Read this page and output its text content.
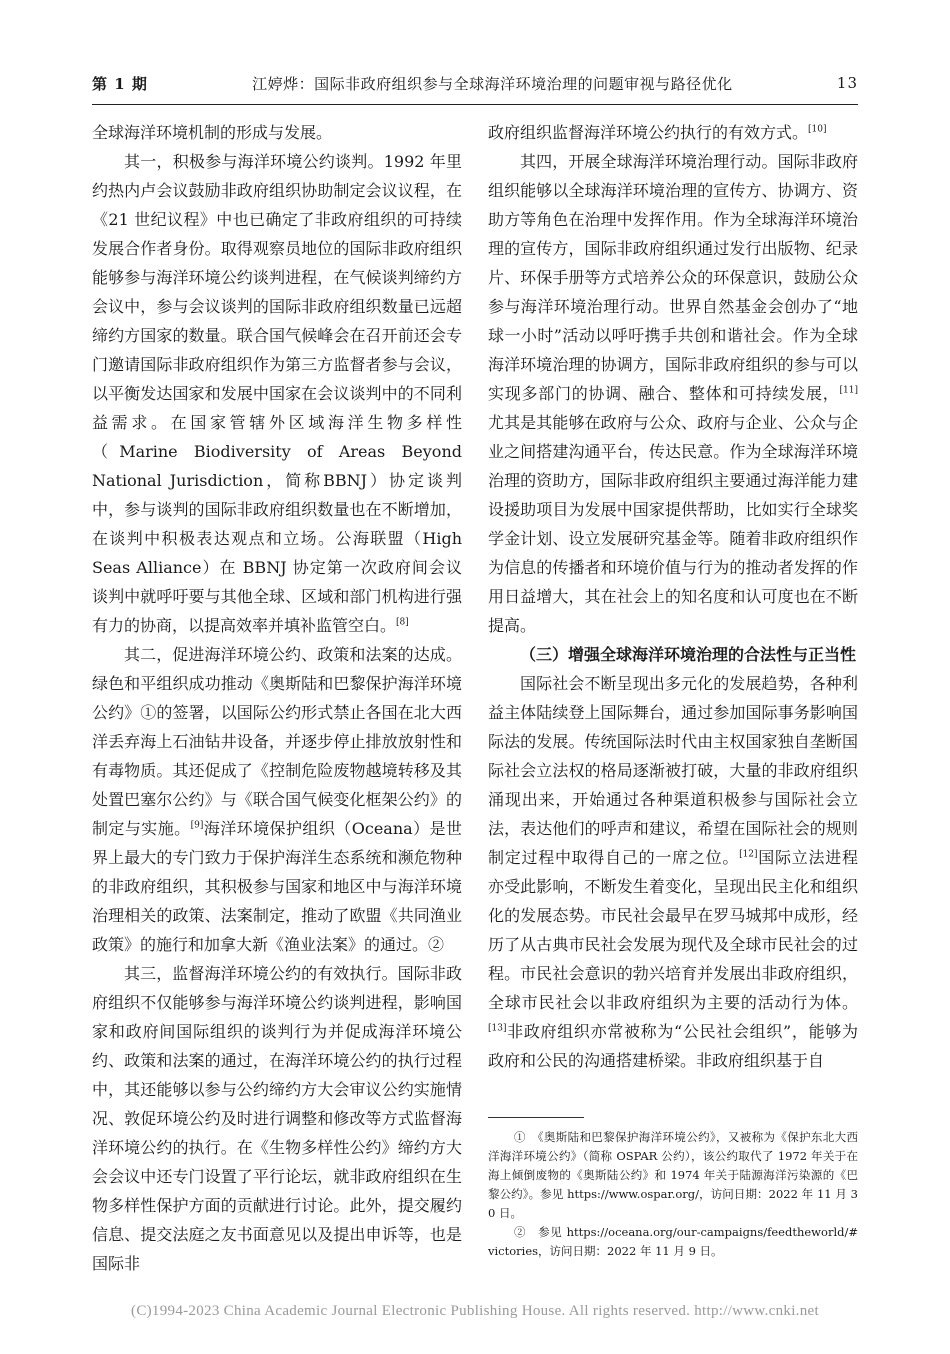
第 1 期	江婷烨：国际非政府组织参与全球海洋环境治理的问题审视与路径优化	13

全球海洋环境机制的形成与发展。

其一，积极参与海洋环境公约谈判。1992 年里约热内卢会议鼓励非政府组织协助制定会议议程，在《21 世纪议程》中也已确定了非政府组织的可持续发展合作者身份。取得观察员地位的国际非政府组织能够参与海洋环境公约谈判进程，在气候谈判缔约方会议中，参与会议谈判的国际非政府组织数量已远超缔约方国家的数量。联合国气候峰会在召开前还会专门邀请国际非政府组织作为第三方监督者参与会议，以平衡发达国家和发展中国家在会议谈判中的不同利益需求。在国家管辖外区域海洋生物多样性（Marine Biodiversity of Areas Beyond National Jurisdiction，简称BBNJ）协定谈判中，参与谈判的国际非政府组织数量也在不断增加，在谈判中积极表达观点和立场。公海联盟（High Seas Alliance）在 BBNJ 协定第一次政府间会议谈判中就呼吁要与其他全球、区域和部门机构进行强有力的协商，以提高效率并填补监管空白。[8]

其二，促进海洋环境公约、政策和法案的达成。绿色和平组织成功推动《奥斯陆和巴黎保护海洋环境公约》①的签署，以国际公约形式禁止各国在北大西洋丢弃海上石油钻井设备，并逐步停止排放放射性和有毒物质。其还促成了《控制危险废物越境转移及其处置巴塞尔公约》与《联合国气候变化框架公约》的制定与实施。[9]海洋环境保护组织（Oceana）是世界上最大的专门致力于保护海洋生态系统和濒危物种的非政府组织，其积极参与国家和地区中与海洋环境治理相关的政策、法案制定，推动了欧盟《共同渔业政策》的施行和加拿大新《渔业法案》的通过。②

其三，监督海洋环境公约的有效执行。国际非政府组织不仅能够参与海洋环境公约谈判进程，影响国家和政府间国际组织的谈判行为并促成海洋环境公约、政策和法案的通过，在海洋环境公约的执行过程中，其还能够以参与公约缔约方大会审议公约实施情况、敦促环境公约及时进行调整和修改等方式监督海洋环境公约的执行。在《生物多样性公约》缔约方大会会议中还专门设置了平行论坛，就非政府组织在生物多样性保护方面的贡献进行讨论。此外，提交履约信息、提交法庭之友书面意见以及提出申诉等，也是国际非

政府组织监督海洋环境公约执行的有效方式。[10]

其四，开展全球海洋环境治理行动。国际非政府组织能够以全球海洋环境治理的宣传方、协调方、资助方等角色在治理中发挥作用。作为全球海洋环境治理的宣传方，国际非政府组织通过发行出版物、纪录片、环保手册等方式培养公众的环保意识，鼓励公众参与海洋环境治理行动。世界自然基金会创办了“地球一小时”活动以呼吁携手共创和谐社会。作为全球海洋环境治理的协调方，国际非政府组织的参与可以实现多部门的协调、融合、整体和可持续发展，[11]尤其是其能够在政府与公众、政府与企业、公众与企业之间搭建沟通平台，传达民意。作为全球海洋环境治理的资助方，国际非政府组织主要通过海洋能力建设援助项目为发展中国家提供帮助，比如实行全球奖学金计划、设立发展研究基金等。随着非政府组织作为信息的传播者和环境价值与行为的推动者发挥的作用日益增大，其在社会上的知名度和认可度也在不断提高。

（三）增强全球海洋环境治理的合法性与正当性

国际社会不断呈现出多元化的发展趋势，各种利益主体陆续登上国际舞台，通过参加国际事务影响国际法的发展。传统国际法时代由主权国家独自垄断国际社会立法权的格局逐渐被打破，大量的非政府组织涌现出来，开始通过各种渠道积极参与国际社会立法，表达他们的呼声和建议，希望在国际社会的规则制定过程中取得自己的一席之位。[12]国际立法进程亦受此影响，不断发生着变化，呈现出民主化和组织化的发展态势。市民社会最早在罗马城邦中成形，经历了从古典市民社会发展为现代及全球市民社会的过程。市民社会意识的勃兴培育并发展出非政府组织，全球市民社会以非政府组织为主要的活动行为体。[13]非政府组织亦常被称为“公民社会组织”，能够为政府和公民的沟通搭建桥梁。非政府组织基于自

①　 《奥斯陆和巴黎保护海洋环境公约》，又被称为《保护东北大西洋海洋环境公约》（简称 OSPAR 公约），该公约取代了 1972 年关于在海上倾倒废物的《奥斯陆公约》和 1974 年关于陆源海洋污染源的《巴黎公约》。参见 https://www.ospar.org/，访问日期：2022 年 11 月 30 日。

②　 参见 https://oceana.org/our-campaigns/feedtheworld/#victories，访问日期：2022 年 11 月 9 日。

(C)1994-2023 China Academic Journal Electronic Publishing House. All rights reserved. http://www.cnki.net
